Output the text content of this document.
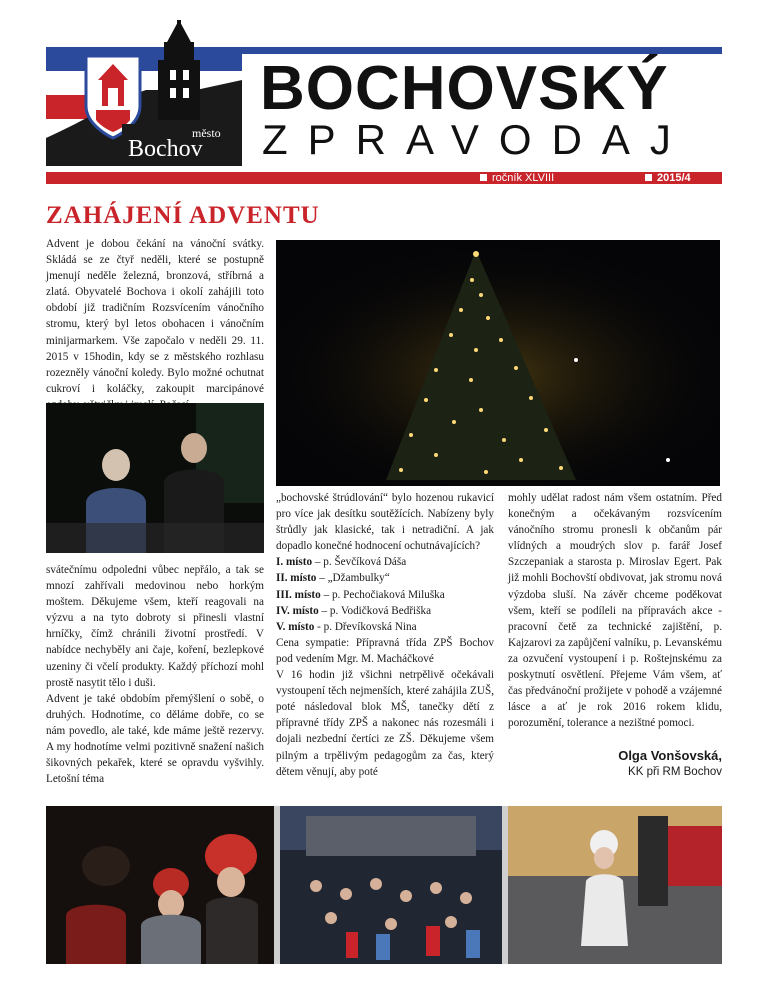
město
Bochov
BOCHOVSKÝ
ZPRAVODAJ
ročník XLVIII	2015/4
ZAHÁJENÍ ADVENTU

Advent je dobou čekání na vánoční svátky. Skládá se ze čtyř neděli, které se postupně jmenují neděle železná, bronzová, stříbrná a zlatá. Obyvatelé Bochova i okolí zahájili toto období již tradičním Rozsvícením vánočního stromu, který byl letos obohacen i vánočním minijarmarkem. Vše započalo v neděli 29. 11. 2015 v 15hodin, kdy se z městského rozhlasu rozezněly vánoční koledy. Bylo možné ochutnat cukroví i koláčky, zakoupit marcipánové

svátečnímu odpoledni vůbec nepřálo, a tak se mnozí zahřívali medovinou nebo horkým moštem. Děkujeme všem, kteří reagovali na výzvu a na tyto dobroty si přinesli vlastní hrníčky, čímž chránili životní prostředí. V nabídce nechyběly ani čaje, koření, bezlepkové uzeniny či včelí produkty. Každý příchozí mohl prostě nasytit tělo i duši.

Advent je také obdobím přemýšlení o sobě, o druhých. Hodnotíme, co děláme dobře, co se nám povedlo, ale také, kde máme ještě rezervy. A my hodnotíme velmi pozitivně snažení našich šikovných pekařek, které se opravdu vyšvihly. Letošní téma

„bochovské štrúdlování“ bylo hozenou rukavicí pro více jak desítku soutěžících. Nabízeny byly štrůdly jak klasické, tak i netradiční. A jak dopadlo konečné hodnocení ochutnávajících?

I. místo – p. Ševčíková Dáša
II. místo – „Džambulky“
III. místo – p. Pechočiaková Miluška
IV. místo – p. Vodičková Bedřiška
V. místo - p. Dřevíkovská Nina

Cena sympatie: Přípravná třída ZPŠ Bochov pod vedením Mgr. M. Macháčkové

V 16 hodin již všichni netrpělivě očekávali vystoupení těch nejmenších, které zahájila ZUŠ, poté následoval blok MŠ, tanečky dětí z přípravné třídy ZPŠ a nakonec nás rozesmáli i dojali nezbední čertíci ze ZŠ. Děkujeme všem pilným a trpělivým pedagogům za čas, který dětem věnují, aby poté

mohly udělat radost nám všem ostatním. Před konečným a očekávaným rozsvícením vánočního stromu pronesli k občanům pár vlídných a moudrých slov p. farář Josef Szczepaniak a starosta p. Miroslav Egert. Pak již mohli Bochovští obdivovat, jak stromu nová výzdoba sluší. Na závěr chceme poděkovat všem, kteří se podíleli na přípravách akce - pracovní četě za technické zajištění, p. Kajzarovi za zapůjčení valníku, p. Levanskému za ozvučení vystoupení i p. Roštejnskému za poskytnutí osvětlení. Přejeme Vám všem, ať čas předvánoční prožijete v pohodě a vzájemné lásce a ať je rok 2016 rokem klidu, porozumění, tolerance a nezištné pomoci.

Olga Vonšovská,
KK při RM Bochov
